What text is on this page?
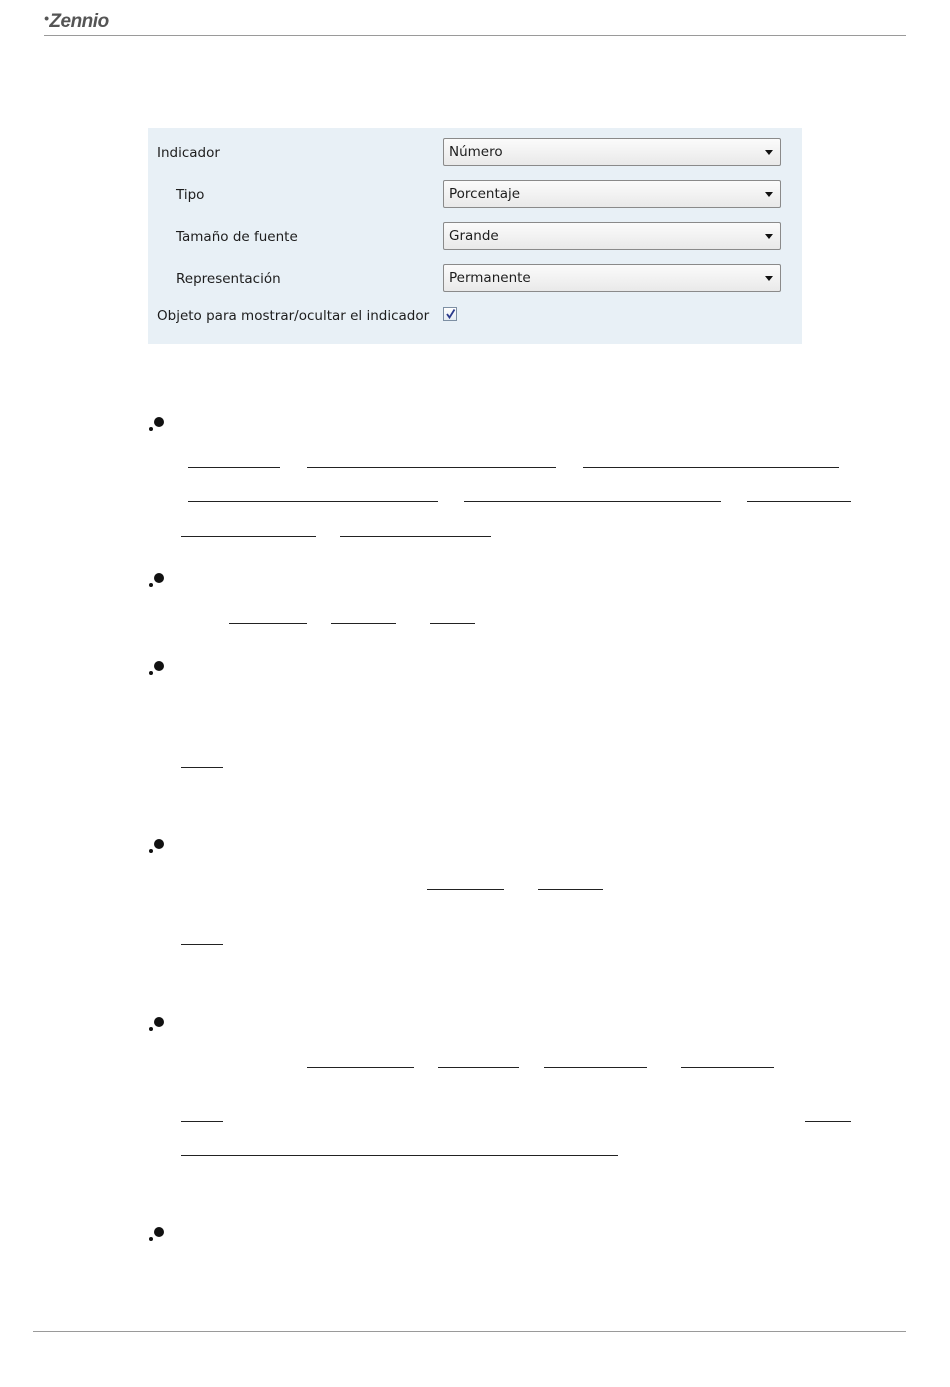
•Zennio
Indicador	Número
Tipo	Porcentaje
Tamaño de fuente	Grande
Representación	Permanente
Objeto para mostrar/ocultar el indicador
